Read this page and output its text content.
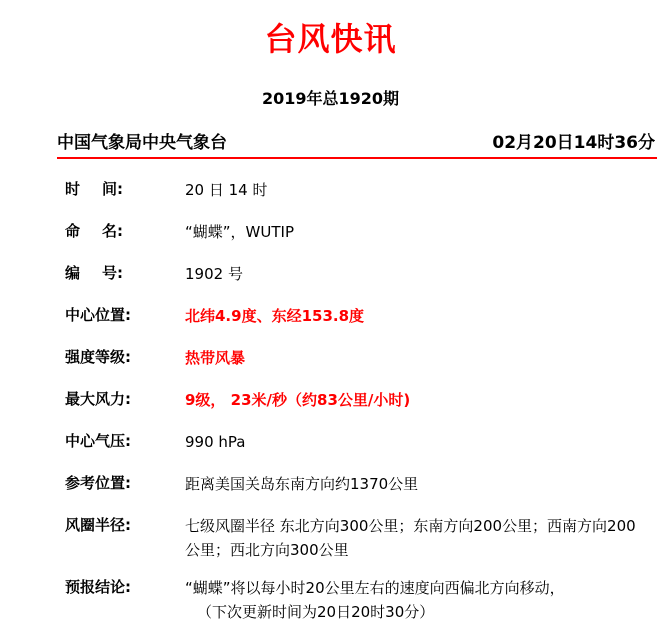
台风快讯
2019年总1920期
中国气象局中央气象台	02月20日14时36分
时 间:	20 日 14 时
命 名:	“蝴蝶”，WUTIP
编 号:	1902 号
中心位置:	北纬4.9度、东经153.8度
强度等级:	热带风暴
最大风力:	9级， 23米/秒（约83公里/小时)
中心气压:	990 hPa
参考位置:	距离美国关岛东南方向约1370公里
风圈半径:	七级风圈半径 东北方向300公里；东南方向200公里；西南方向200公里；西北方向300公里
预报结论:	“蝴蝶”将以每小时20公里左右的速度向西偏北方向移动，
（下次更新时间为20日20时30分）
